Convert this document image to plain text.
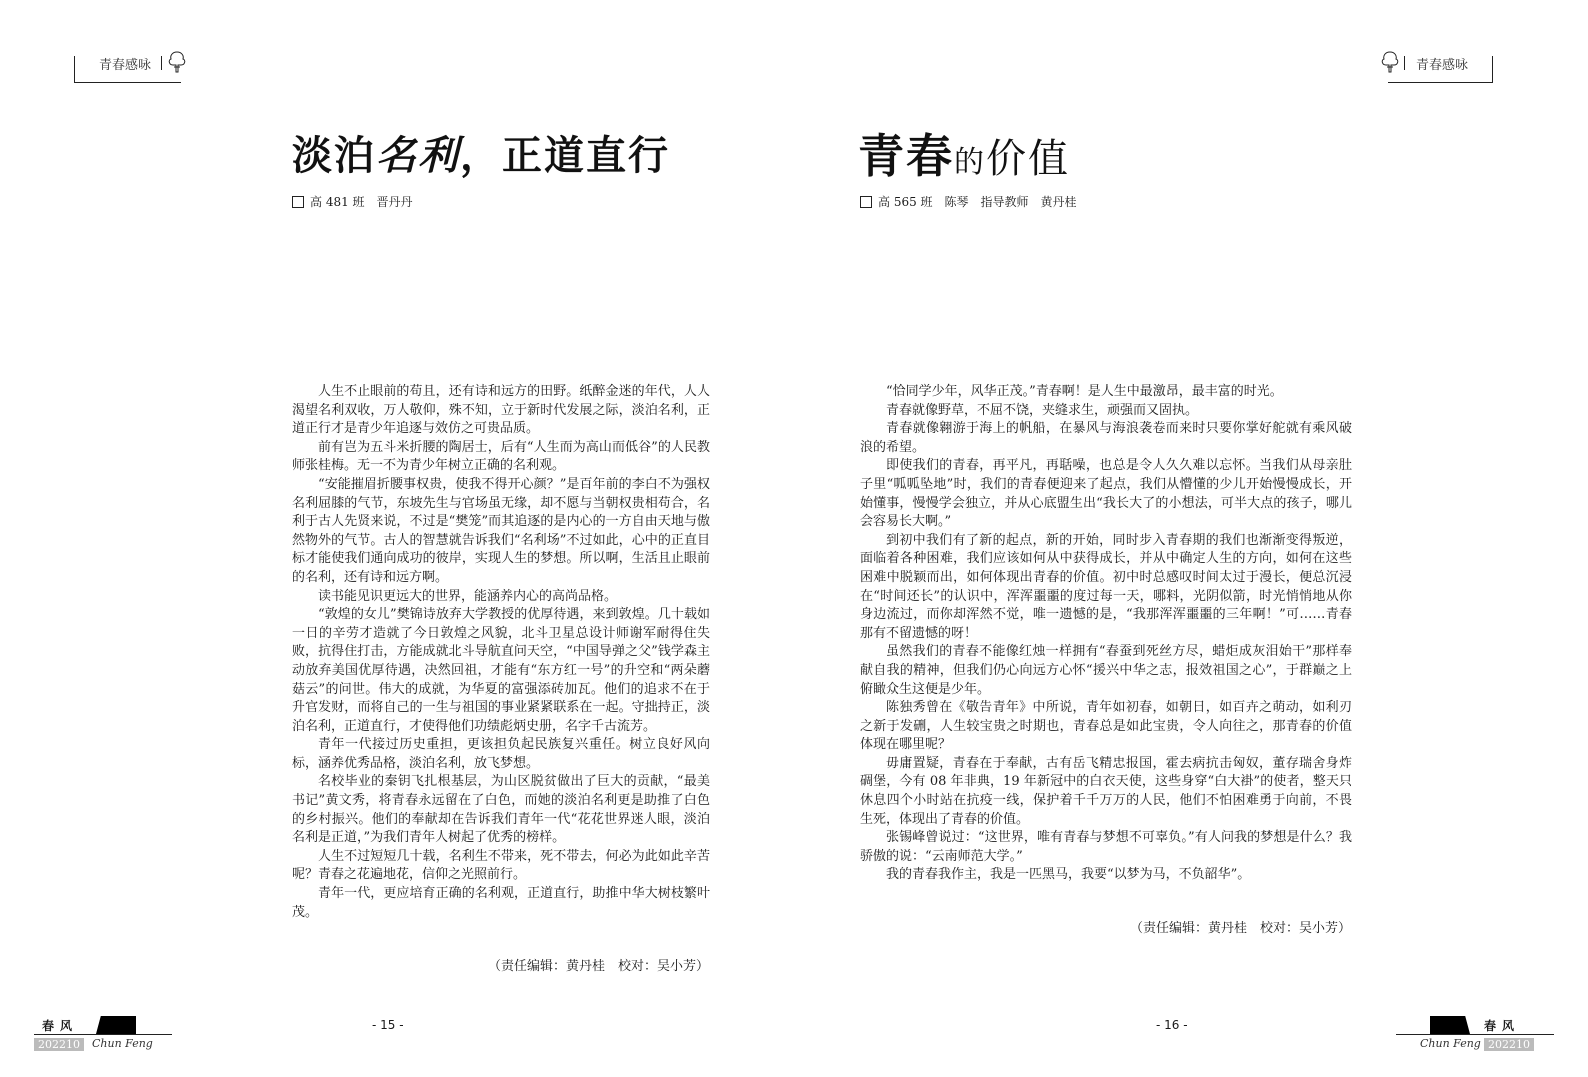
青春感咏	青春感咏
淡泊名利，正道直行
高 481 班　晋丹丹

人生不止眼前的苟且，还有诗和远方的田野。纸醉金迷的年代，人人渴望名利双收，万人敬仰，殊不知，立于新时代发展之际，淡泊名利，正道正行才是青少年追逐与效仿之可贵品质。

前有岂为五斗米折腰的陶居士，后有“人生而为高山而低谷”的人民教师张桂梅。无一不为青少年树立正确的名利观。

“安能摧眉折腰事权贵，使我不得开心颜？”是百年前的李白不为强权名利屈膝的气节，东坡先生与官场虽无缘，却不愿与当朝权贵相苟合，名利于古人先贤来说，不过是“樊笼”而其追逐的是内心的一方自由天地与傲然物外的气节。古人的智慧就告诉我们“名利场”不过如此，心中的正直目标才能使我们通向成功的彼岸，实现人生的梦想。所以啊，生活且止眼前的名利，还有诗和远方啊。

读书能见识更远大的世界，能涵养内心的高尚品格。

“敦煌的女儿”樊锦诗放弃大学教授的优厚待遇，来到敦煌。几十载如一日的辛劳才造就了今日敦煌之风貌，北斗卫星总设计师谢军耐得住失败，抗得住打击，方能成就北斗导航直问天空，“中国导弹之父”钱学森主动放弃美国优厚待遇，决然回祖，才能有“东方红一号”的升空和“两朵蘑菇云”的问世。伟大的成就，为华夏的富强添砖加瓦。他们的追求不在于升官发财，而将自己的一生与祖国的事业紧紧联系在一起。守拙持正，淡泊名利，正道直行，才使得他们功绩彪炳史册，名字千古流芳。

青年一代接过历史重担，更该担负起民族复兴重任。树立良好风向标，涵养优秀品格，淡泊名利，放飞梦想。

名校毕业的秦钥飞扎根基层，为山区脱贫做出了巨大的贡献，“最美书记”黄文秀，将青春永远留在了白色，而她的淡泊名利更是助推了白色的乡村振兴。他们的奉献却在告诉我们青年一代“花花世界迷人眼，淡泊名利是正道，”为我们青年人树起了优秀的榜样。

人生不过短短几十载，名利生不带来，死不带去，何必为此如此辛苦呢？青春之花遍地花，信仰之光照前行。

青年一代，更应培育正确的名利观，正道直行，助推中华大树枝繁叶茂。

（责任编辑：黄丹桂　校对：吴小芳）
青春的价值
高 565 班　陈琴　指导教师　黄丹桂

“恰同学少年，风华正茂。”青春啊！是人生中最激昂，最丰富的时光。

青春就像野草，不屈不饶，夹缝求生，顽强而又固执。

青春就像翱游于海上的帆船，在暴风与海浪袭卷而来时只要你掌好舵就有乘风破浪的希望。

即使我们的青春，再平凡，再聒噪，也总是令人久久难以忘怀。当我们从母亲肚子里“呱呱坠地”时，我们的青春便迎来了起点，我们从懵懂的少儿开始慢慢成长，开始懂事，慢慢学会独立，并从心底盟生出“我长大了的小想法，可半大点的孩子，哪儿会容易长大啊。”

到初中我们有了新的起点，新的开始，同时步入青春期的我们也渐渐变得叛逆，面临着各种困难，我们应该如何从中获得成长，并从中确定人生的方向，如何在这些困难中脱颖而出，如何体现出青春的价值。初中时总感叹时间太过于漫长，便总沉浸在“时间还长”的认识中，浑浑噩噩的度过每一天，哪料，光阴似箭，时光悄悄地从你身边流过，而你却浑然不觉，唯一遗憾的是，“我那浑浑噩噩的三年啊！”可……青春那有不留遗憾的呀！

虽然我们的青春不能像红烛一样拥有“春蚕到死丝方尽，蜡炬成灰泪始干”那样奉献自我的精神，但我们仍心向远方心怀“援兴中华之志，报效祖国之心”，于群巅之上俯瞰众生这便是少年。

陈独秀曾在《敬告青年》中所说，青年如初春，如朝日，如百卉之萌动，如利刃之新于发硎，人生较宝贵之时期也，青春总是如此宝贵，令人向往之，那青春的价值体现在哪里呢？

毋庸置疑，青春在于奉献，古有岳飞精忠报国，霍去病抗击匈奴，董存瑞舍身炸碉堡，今有 08 年非典，19 年新冠中的白衣天使，这些身穿“白大褂”的使者，整天只休息四个小时站在抗疫一线，保护着千千万万的人民，他们不怕困难勇于向前，不畏生死，体现出了青春的价值。

张锡峰曾说过：“这世界，唯有青春与梦想不可辜负。”有人问我的梦想是什么？我骄傲的说：“云南师范大学。”

我的青春我作主，我是一匹黑马，我要“以梦为马，不负韶华”。

（责任编辑：黄丹桂　校对：吴小芳）
春风
202210	Chun Feng
- 15 -	- 16 -	春风
Chun Feng 202210
